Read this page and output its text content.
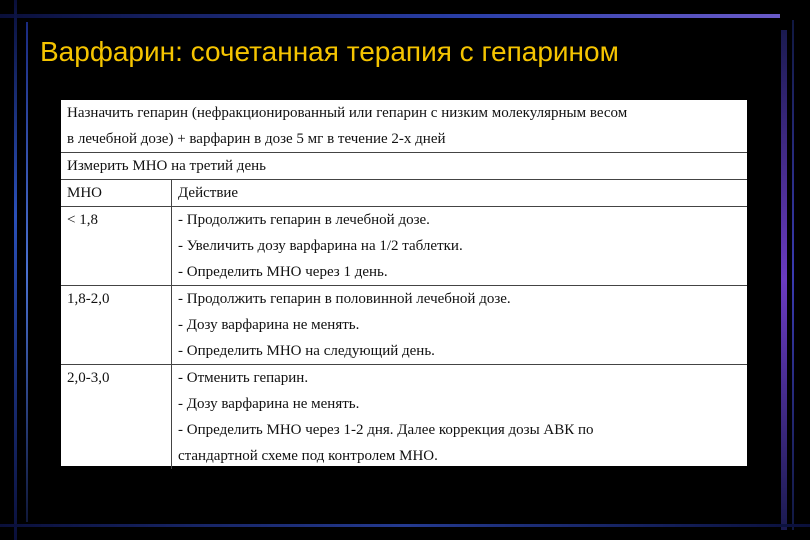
Варфарин: сочетанная терапия с гепарином
Назначить гепарин (нефракционированный или гепарин с низким молекулярным весом
в лечебной дозе) + варфарин в дозе 5 мг в течение 2-х дней	

Измерить МНО на третий день	
МНО	Действие
< 1,8	- Продолжить гепарин в лечебной дозе.
- Увеличить дозу варфарина на 1/2 таблетки.
- Определить МНО через 1 день.

1,8-2,0	- Продолжить гепарин в половинной лечебной дозе.
- Дозу варфарина не менять.
- Определить МНО на следующий день.

2,0-3,0	- Отменить гепарин.
- Дозу варфарина не менять.
- Определить МНО через 1-2 дня. Далее коррекция дозы АВК по
стандартной схеме под контролем МНО.
